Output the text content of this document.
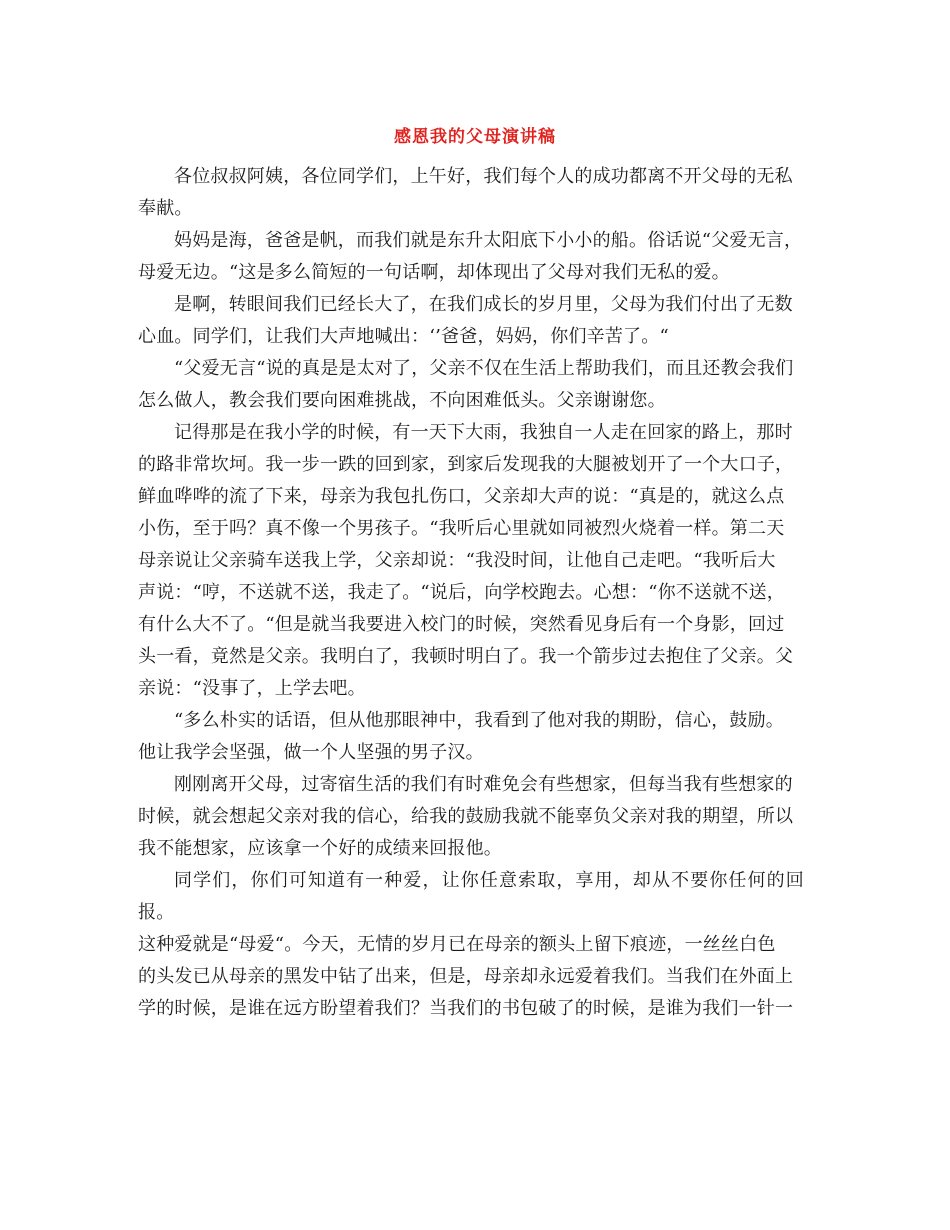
感恩我的父母演讲稿

各位叔叔阿姨，各位同学们，上午好，我们每个人的成功都离不开父母的无私
奉献。

妈妈是海，爸爸是帆，而我们就是东升太阳底下小小的船。俗话说“父爱无言，
母爱无边。“这是多么简短的一句话啊，却体现出了父母对我们无私的爱。

是啊，转眼间我们已经长大了，在我们成长的岁月里，父母为我们付出了无数
心血。同学们，让我们大声地喊出：‘’爸爸，妈妈，你们辛苦了。“

“父爱无言“说的真是是太对了，父亲不仅在生活上帮助我们，而且还教会我们
怎么做人，教会我们要向困难挑战，不向困难低头。父亲谢谢您。

记得那是在我小学的时候，有一天下大雨，我独自一人走在回家的路上，那时
的路非常坎坷。我一步一跌的回到家，到家后发现我的大腿被划开了一个大口子，
鲜血哗哗的流了下来，母亲为我包扎伤口，父亲却大声的说：“真是的，就这么点
小伤，至于吗？真不像一个男孩子。“我听后心里就如同被烈火烧着一样。第二天
母亲说让父亲骑车送我上学，父亲却说：“我没时间，让他自己走吧。“我听后大
声说：“哼，不送就不送，我走了。“说后，向学校跑去。心想：“你不送就不送，
有什么大不了。“但是就当我要进入校门的时候，突然看见身后有一个身影，回过
头一看，竟然是父亲。我明白了，我顿时明白了。我一个箭步过去抱住了父亲。父
亲说：“没事了，上学去吧。

“多么朴实的话语，但从他那眼神中，我看到了他对我的期盼，信心，鼓励。
他让我学会坚强，做一个人坚强的男子汉。

刚刚离开父母，过寄宿生活的我们有时难免会有些想家，但每当我有些想家的
时候，就会想起父亲对我的信心，给我的鼓励我就不能辜负父亲对我的期望，所以
我不能想家，应该拿一个好的成绩来回报他。

同学们，你们可知道有一种爱，让你任意索取，享用，却从不要你任何的回报。
这种爱就是“母爱“。今天，无情的岁月已在母亲的额头上留下痕迹，一丝丝白色
的头发已从母亲的黑发中钻了出来，但是，母亲却永远爱着我们。当我们在外面上
学的时候，是谁在远方盼望着我们？当我们的书包破了的时候，是谁为我们一针一
